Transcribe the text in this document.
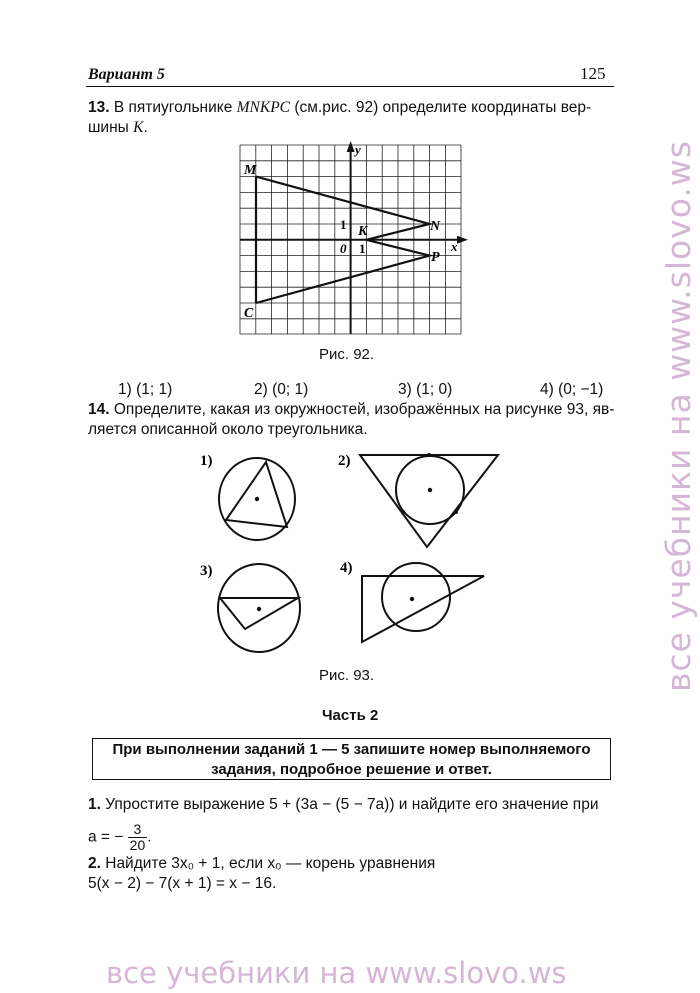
Вариант 5	125
13. В пятиугольнике MNKPC (см.рис. 92) определите координаты вер-
шины K.
M
N
K
P
C
y
x
0
1
1
Рис. 92.
1) (1; 1)	2) (0; 1)	3) (1; 0)	4) (0; −1)
14. Определите, какая из окружностей, изображённых на рисунке 93, яв-
ляется описанной около треугольника.
1)	2)
3)	4)
Рис. 93.
Часть 2
При выполнении заданий 1 — 5 запишите номер выполняемого
задания, подробное решение и ответ.
1. Упростите выражение 5 + (3a − (5 − 7a)) и найдите его значение при
a = − $\frac{3}{20}$ .
2. Найдите 3x₀ + 1, если x₀ — корень уравнения
5(x − 2) − 7(x + 1) = x − 16.
все учебники на www.slovo.ws
все учебники на www.slovo.ws
